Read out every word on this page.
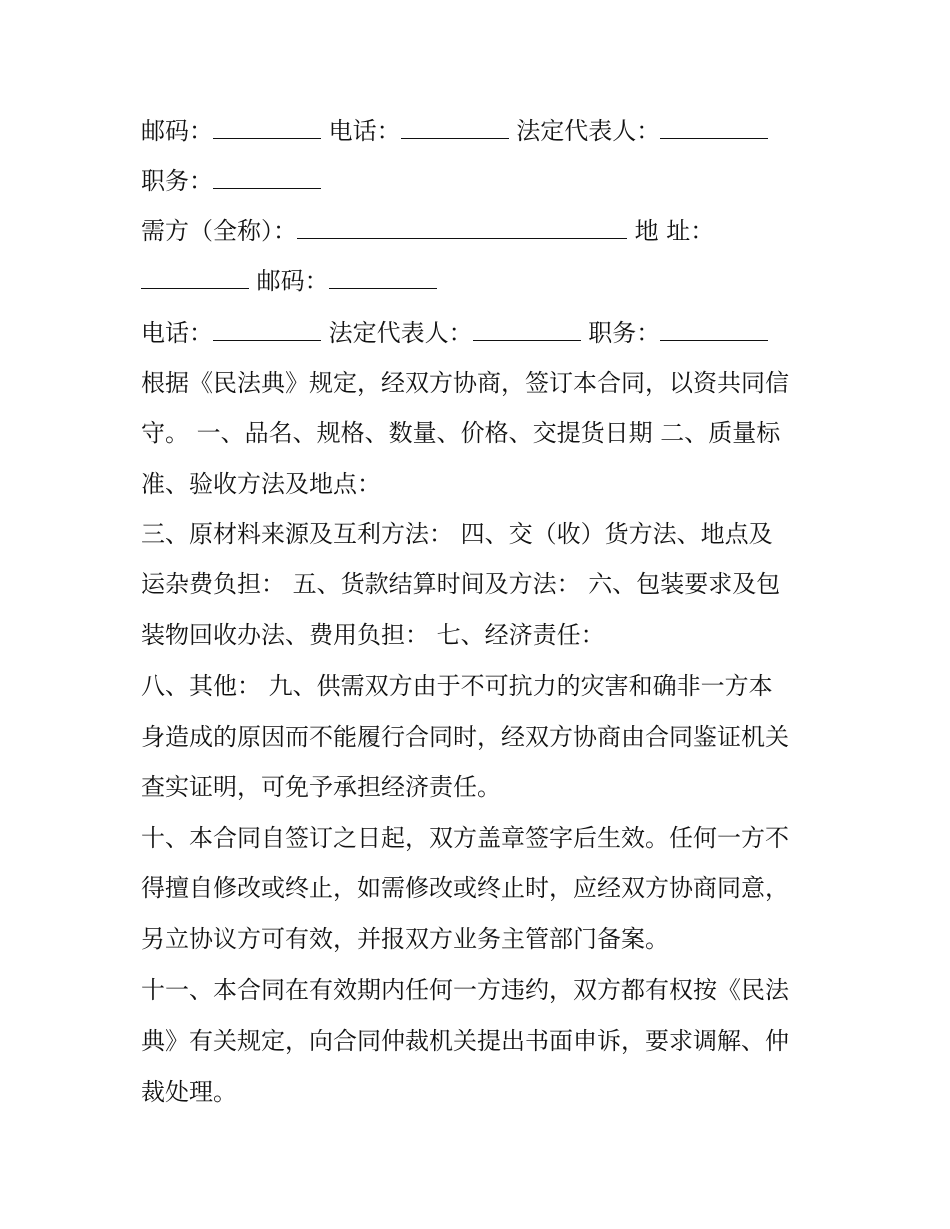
邮码：	电话：	法定代表人：
职务：
需方（全称）：	地 址：
邮码：
电话：	法定代表人：	职务：
根据《民法典》规定，经双方协商，签订本合同，以资共同信
守。 一、品名、规格、数量、价格、交提货日期 二、质量标
准、验收方法及地点：
三、原材料来源及互利方法： 四、交（收）货方法、地点及
运杂费负担： 五、货款结算时间及方法： 六、包装要求及包
装物回收办法、费用负担： 七、经济责任：
八、其他： 九、供需双方由于不可抗力的灾害和确非一方本
身造成的原因而不能履行合同时，经双方协商由合同鉴证机关
查实证明，可免予承担经济责任。
十、本合同自签订之日起，双方盖章签字后生效。任何一方不
得擅自修改或终止，如需修改或终止时，应经双方协商同意，
另立协议方可有效，并报双方业务主管部门备案。
十一、本合同在有效期内任何一方违约，双方都有权按《民法
典》有关规定，向合同仲裁机关提出书面申诉，要求调解、仲
裁处理。
